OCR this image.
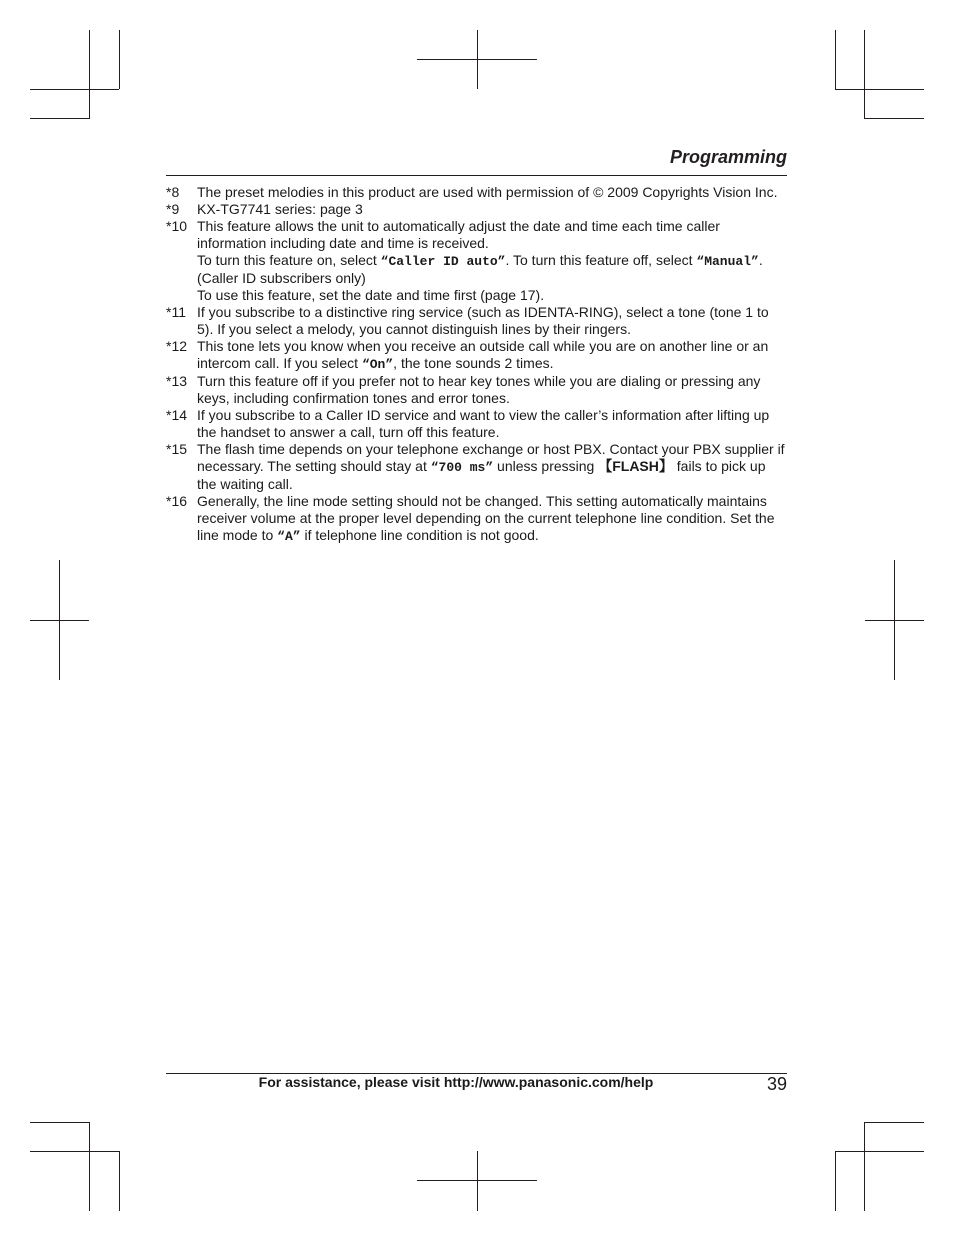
Programming
*8	The preset melodies in this product are used with permission of © 2009 Copyrights Vision Inc.
*9	KX-TG7741 series: page 3
*10 This feature allows the unit to automatically adjust the date and time each time caller information including date and time is received.

To turn this feature on, select “Caller ID auto”. To turn this feature off, select “Manual”. (Caller ID subscribers only)

To use this feature, set the date and time first (page 17).

*11 If you subscribe to a distinctive ring service (such as IDENTA-RING), select a tone (tone 1 to 5). If you select a melody, you cannot distinguish lines by their ringers.
*12 This tone lets you know when you receive an outside call while you are on another line or an intercom call. If you select “On”, the tone sounds 2 times.
*13 Turn this feature off if you prefer not to hear key tones while you are dialing or pressing any keys, including confirmation tones and error tones.
*14 If you subscribe to a Caller ID service and want to view the caller’s information after lifting up the handset to answer a call, turn off this feature.
*15 The flash time depends on your telephone exchange or host PBX. Contact your PBX supplier if necessary. The setting should stay at “700 ms” unless pressing 【FLASH】 fails to pick up the waiting call.
*16 Generally, the line mode setting should not be changed. This setting automatically maintains receiver volume at the proper level depending on the current telephone line condition. Set the line mode to “A” if telephone line condition is not good.
For assistance, please visit http://www.panasonic.com/help	39
